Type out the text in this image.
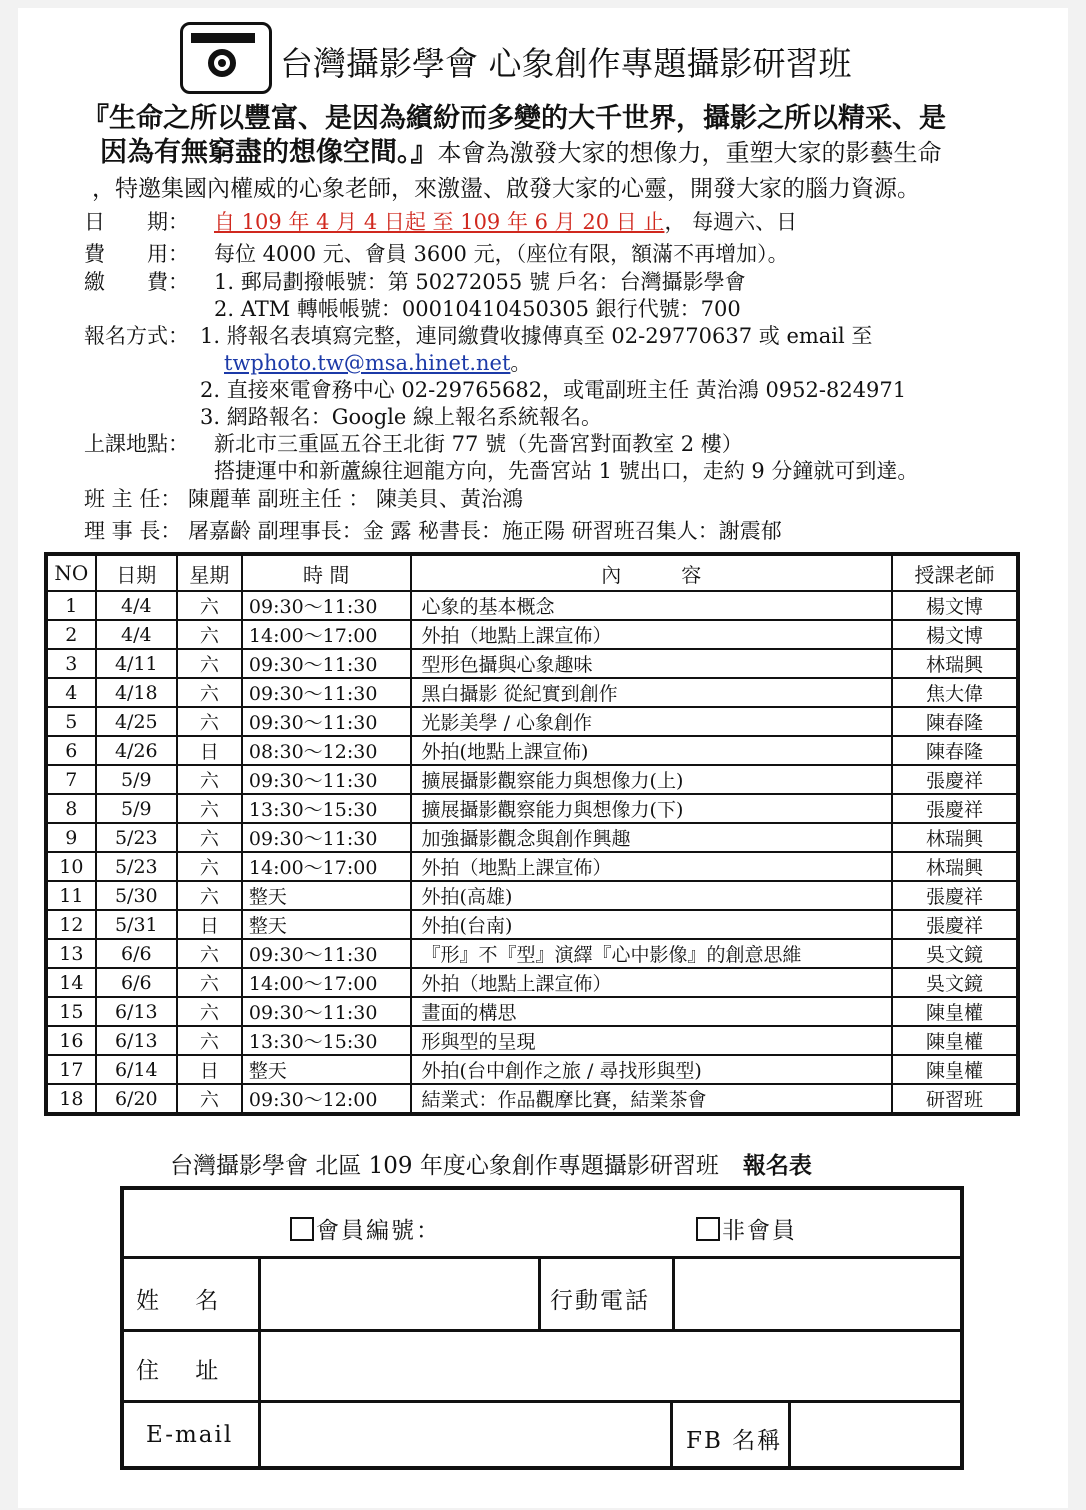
台灣攝影學會 心象創作專題攝影研習班
『生命之所以豐富、是因為繽紛而多變的大千世界，攝影之所以精采、是
因為有無窮盡的想像空間。』本會為激發大家的想像力，重塑大家的影藝生命
，特邀集國內權威的心象老師，來激盪、啟發大家的心靈，開發大家的腦力資源。
日　　期： 自 109 年 4 月 4 日起 至 109 年 6 月 20 日 止， 每週六、日
費　　用： 每位 4000 元、會員 3600 元，（座位有限，額滿不再增加）。
繳　　費： 1. 郵局劃撥帳號：第 50272055 號 戶名：台灣攝影學會
2. ATM 轉帳帳號：00010410450305 銀行代號：700
報名方式： 1. 將報名表填寫完整，連同繳費收據傳真至 02-29770637 或 email 至
twphoto.tw@msa.hinet.net。
2. 直接來電會務中心 02-29765682，或電副班主任 黃治鴻 0952-824971
3. 網路報名：Google 線上報名系統報名。
上課地點： 新北市三重區五谷王北街 77 號（先嗇宮對面教室 2 樓）
搭捷運中和新蘆線往迴龍方向，先嗇宮站 1 號出口，走約 9 分鐘就可到達。
班 主 任： 陳麗華 副班主任 ： 陳美貝、黃治鴻
理 事 長： 屠嘉齡 副理事長：金 露 秘書長：施正陽 研習班召集人：謝震郁
NO	日期	星期	時 間	內　　　容	授課老師
1	4/4	六	09:30～11:30	心象的基本概念	楊文博
2	4/4	六	14:00～17:00	外拍（地點上課宣佈）	楊文博
3	4/11	六	09:30～11:30	型形色攝與心象趣味	林瑞興
4	4/18	六	09:30～11:30	黑白攝影 從紀實到創作	焦大偉
5	4/25	六	09:30～11:30	光影美學 / 心象創作	陳春隆
6	4/26	日	08:30～12:30	外拍(地點上課宣佈)	陳春隆
7	5/9	六	09:30～11:30	擴展攝影觀察能力與想像力(上)	張慶祥
8	5/9	六	13:30～15:30	擴展攝影觀察能力與想像力(下)	張慶祥
9	5/23	六	09:30～11:30	加強攝影觀念與創作興趣	林瑞興
10	5/23	六	14:00～17:00	外拍（地點上課宣佈）	林瑞興
11	5/30	六	整天	外拍(高雄)	張慶祥
12	5/31	日	整天	外拍(台南)	張慶祥
13	6/6	六	09:30～11:30	『形』不『型』演繹『心中影像』的創意思維	吳文鏡
14	6/6	六	14:00～17:00	外拍（地點上課宣佈）	吳文鏡
15	6/13	六	09:30～11:30	畫面的構思	陳皇權
16	6/13	六	13:30～15:30	形與型的呈現	陳皇權
17	6/14	日	整天	外拍(台中創作之旅 / 尋找形與型)	陳皇權
18	6/20	六	09:30～12:00	結業式：作品觀摩比賽，結業茶會	研習班
台灣攝影學會 北區 109 年度心象創作專題攝影研習班 報名表
會員編號：	非會員
姓　 名	行動電話
住　 址
E-mail	FB 名稱
